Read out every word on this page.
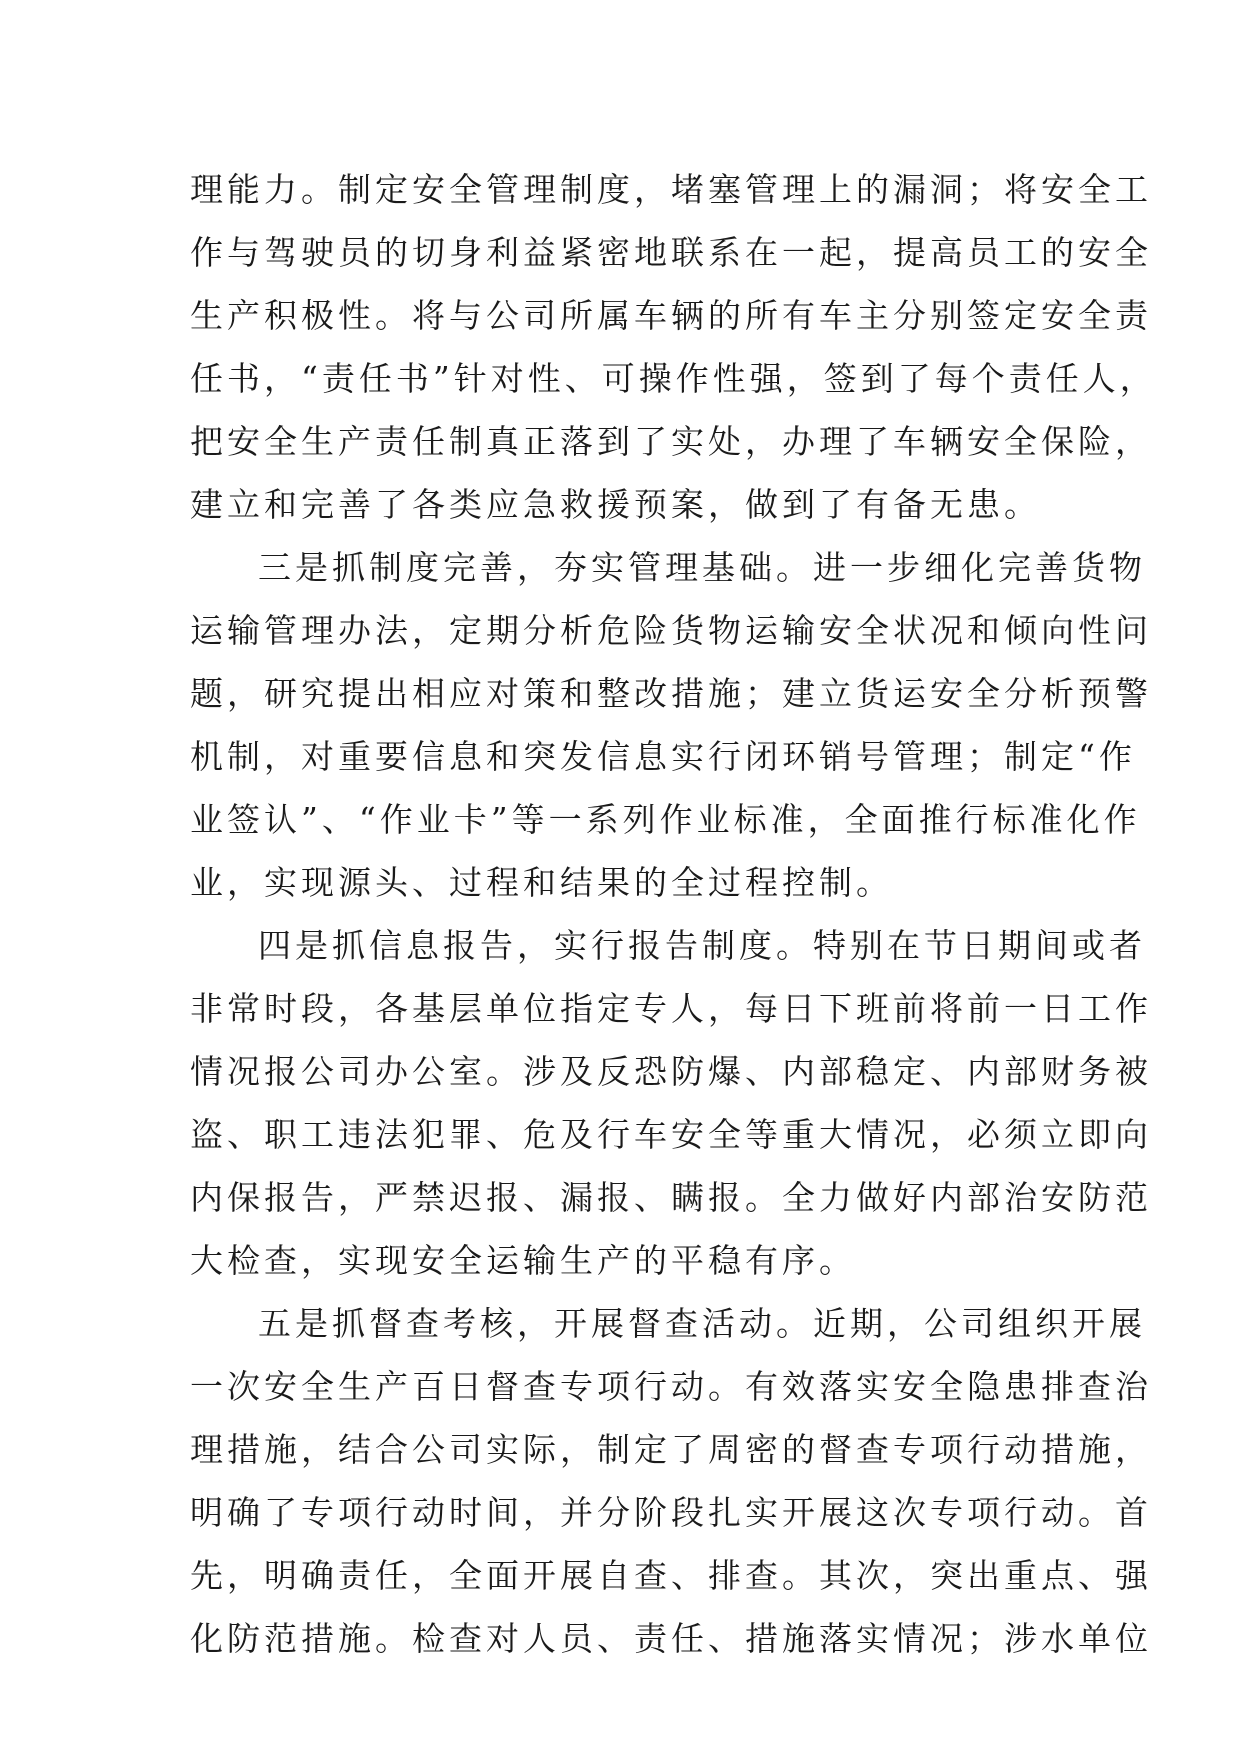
理能力。制定安全管理制度，堵塞管理上的漏洞；将安全工
作与驾驶员的切身利益紧密地联系在一起，提高员工的安全
生产积极性。将与公司所属车辆的所有车主分别签定安全责
任书，“责任书”针对性、可操作性强，签到了每个责任人，
把安全生产责任制真正落到了实处，办理了车辆安全保险，
建立和完善了各类应急救援预案，做到了有备无患。
三是抓制度完善，夯实管理基础。进一步细化完善货物
运输管理办法，定期分析危险货物运输安全状况和倾向性问
题，研究提出相应对策和整改措施；建立货运安全分析预警
机制，对重要信息和突发信息实行闭环销号管理；制定“作
业签认”、“作业卡”等一系列作业标准，全面推行标准化作
业，实现源头、过程和结果的全过程控制。
四是抓信息报告，实行报告制度。特别在节日期间或者
非常时段，各基层单位指定专人，每日下班前将前一日工作
情况报公司办公室。涉及反恐防爆、内部稳定、内部财务被
盗、职工违法犯罪、危及行车安全等重大情况，必须立即向
内保报告，严禁迟报、漏报、瞒报。全力做好内部治安防范
大检查，实现安全运输生产的平稳有序。
五是抓督查考核，开展督查活动。近期，公司组织开展
一次安全生产百日督查专项行动。有效落实安全隐患排查治
理措施，结合公司实际，制定了周密的督查专项行动措施，
明确了专项行动时间，并分阶段扎实开展这次专项行动。首
先，明确责任，全面开展自查、排查。其次，突出重点、强
化防范措施。检查对人员、责任、措施落实情况；涉水单位
